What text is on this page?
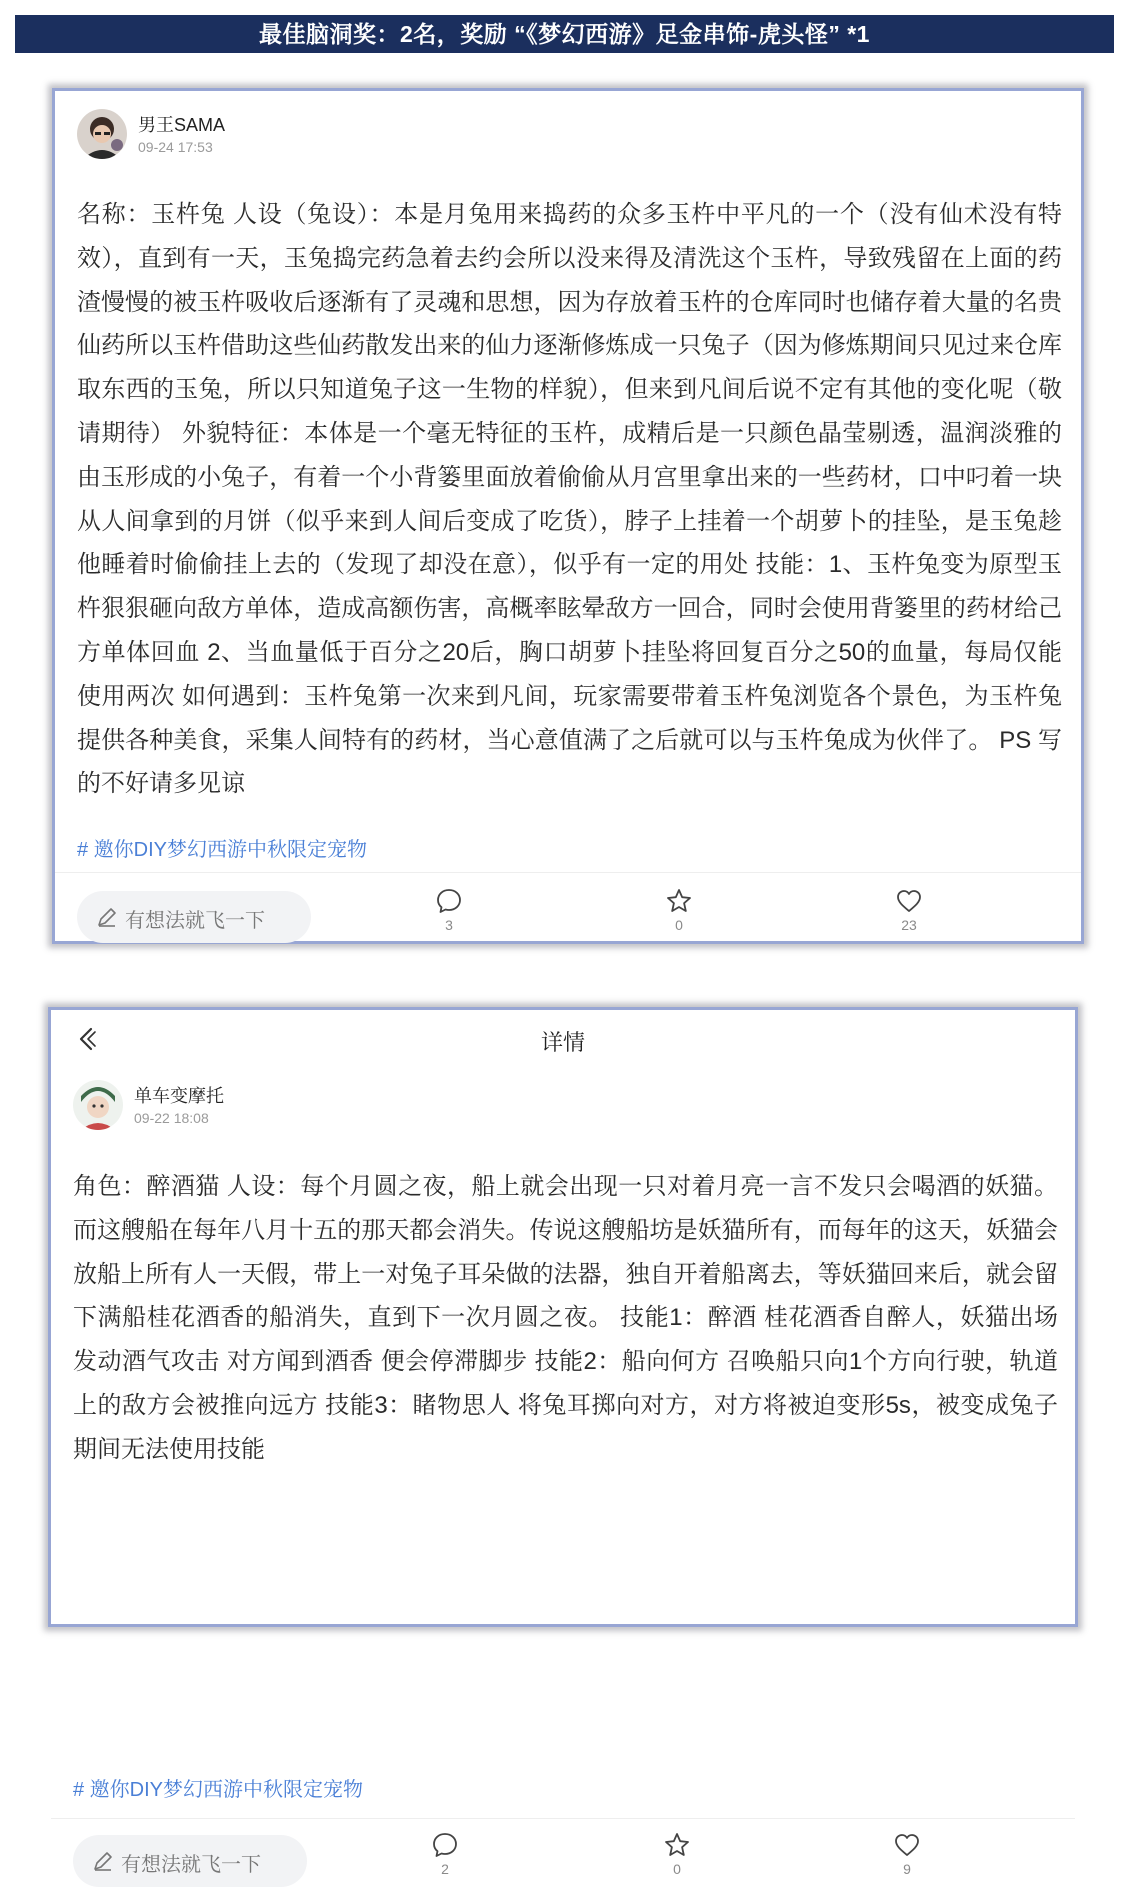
最佳脑洞奖：2名，奖励 “《梦幻西游》足金串饰-虎头怪” *1
男王SAMA
09-24 17:53
名称：玉杵兔 人设（兔设）：本是月兔用来捣药的众多玉杵中平凡的一个（没有仙术没有特效），直到有一天，玉兔捣完药急着去约会所以没来得及清洗这个玉杵，导致残留在上面的药渣慢慢的被玉杵吸收后逐渐有了灵魂和思想，因为存放着玉杵的仓库同时也储存着大量的名贵仙药所以玉杵借助这些仙药散发出来的仙力逐渐修炼成一只兔子（因为修炼期间只见过来仓库取东西的玉兔，所以只知道兔子这一生物的样貌），但来到凡间后说不定有其他的变化呢（敬请期待） 外貌特征：本体是一个毫无特征的玉杵，成精后是一只颜色晶莹剔透，温润淡雅的由玉形成的小兔子，有着一个小背篓里面放着偷偷从月宫里拿出来的一些药材，口中叼着一块从人间拿到的月饼（似乎来到人间后变成了吃货），脖子上挂着一个胡萝卜的挂坠，是玉兔趁他睡着时偷偷挂上去的（发现了却没在意），似乎有一定的用处 技能：1、玉杵兔变为原型玉杵狠狠砸向敌方单体，造成高额伤害，高概率眩晕敌方一回合，同时会使用背篓里的药材给己方单体回血 2、当血量低于百分之20后，胸口胡萝卜挂坠将回复百分之50的血量，每局仅能使用两次 如何遇到：玉杵兔第一次来到凡间，玩家需要带着玉杵兔浏览各个景色，为玉杵兔提供各种美食，采集人间特有的药材，当心意值满了之后就可以与玉杵兔成为伙伴了。 PS 写的不好请多见谅
# 邀你DIY梦幻西游中秋限定宠物
有想法就飞一下	3	0	23
详情
单车变摩托
09-22 18:08
角色：醉酒猫 人设：每个月圆之夜，船上就会出现一只对着月亮一言不发只会喝酒的妖猫。而这艘船在每年八月十五的那天都会消失。传说这艘船坊是妖猫所有，而每年的这天，妖猫会放船上所有人一天假，带上一对兔子耳朵做的法器，独自开着船离去，等妖猫回来后，就会留下满船桂花酒香的船消失，直到下一次月圆之夜。 技能1：醉酒 桂花酒香自醉人，妖猫出场发动酒气攻击 对方闻到酒香 便会停滞脚步 技能2：船向何方 召唤船只向1个方向行驶，轨道上的敌方会被推向远方 技能3：睹物思人 将兔耳掷向对方，对方将被迫变形5s，被变成兔子期间无法使用技能
# 邀你DIY梦幻西游中秋限定宠物
有想法就飞一下	2	0	9
